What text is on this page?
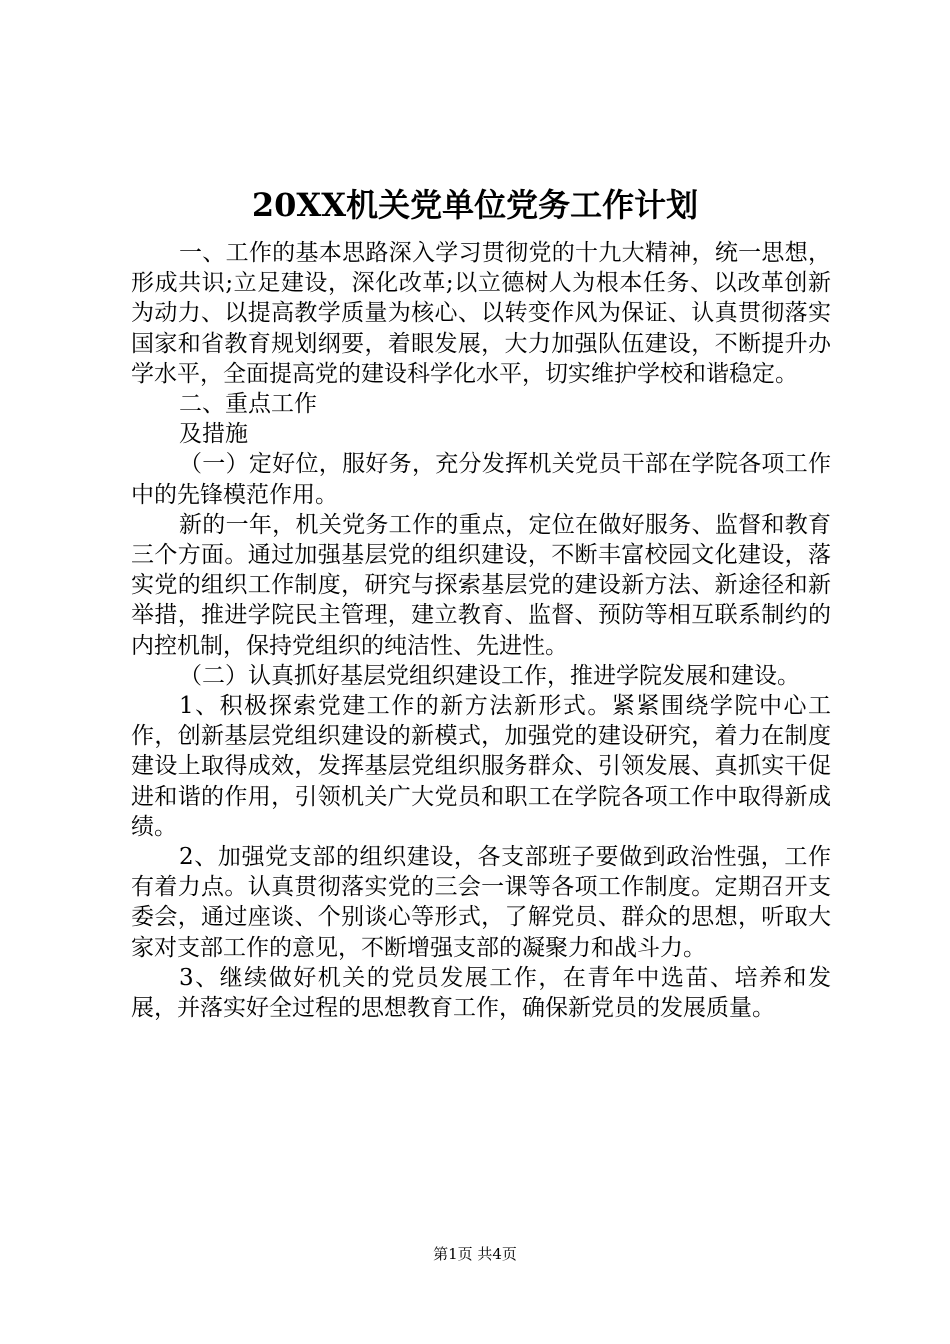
20XX机关党单位党务工作计划

一、工作的基本思路深入学习贯彻党的十九大精神，统一思想，形成共识;立足建设，深化改革;以立德树人为根本任务、以改革创新为动力、以提高教学质量为核心、以转变作风为保证、认真贯彻落实国家和省教育规划纲要，着眼发展，大力加强队伍建设，不断提升办学水平，全面提高党的建设科学化水平，切实维护学校和谐稳定。

二、重点工作

及措施

（一）定好位，服好务，充分发挥机关党员干部在学院各项工作中的先锋模范作用。

新的一年，机关党务工作的重点，定位在做好服务、监督和教育三个方面。通过加强基层党的组织建设，不断丰富校园文化建设，落实党的组织工作制度，研究与探索基层党的建设新方法、新途径和新举措，推进学院民主管理，建立教育、监督、预防等相互联系制约的内控机制，保持党组织的纯洁性、先进性。

（二）认真抓好基层党组织建设工作，推进学院发展和建设。

1、积极探索党建工作的新方法新形式。紧紧围绕学院中心工作，创新基层党组织建设的新模式，加强党的建设研究，着力在制度建设上取得成效，发挥基层党组织服务群众、引领发展、真抓实干促进和谐的作用，引领机关广大党员和职工在学院各项工作中取得新成绩。

2、加强党支部的组织建设，各支部班子要做到政治性强，工作有着力点。认真贯彻落实党的三会一课等各项工作制度。定期召开支委会，通过座谈、个别谈心等形式，了解党员、群众的思想，听取大家对支部工作的意见，不断增强支部的凝聚力和战斗力。

3、继续做好机关的党员发展工作，在青年中选苗、培养和发展，并落实好全过程的思想教育工作，确保新党员的发展质量。

第1页 共4页
